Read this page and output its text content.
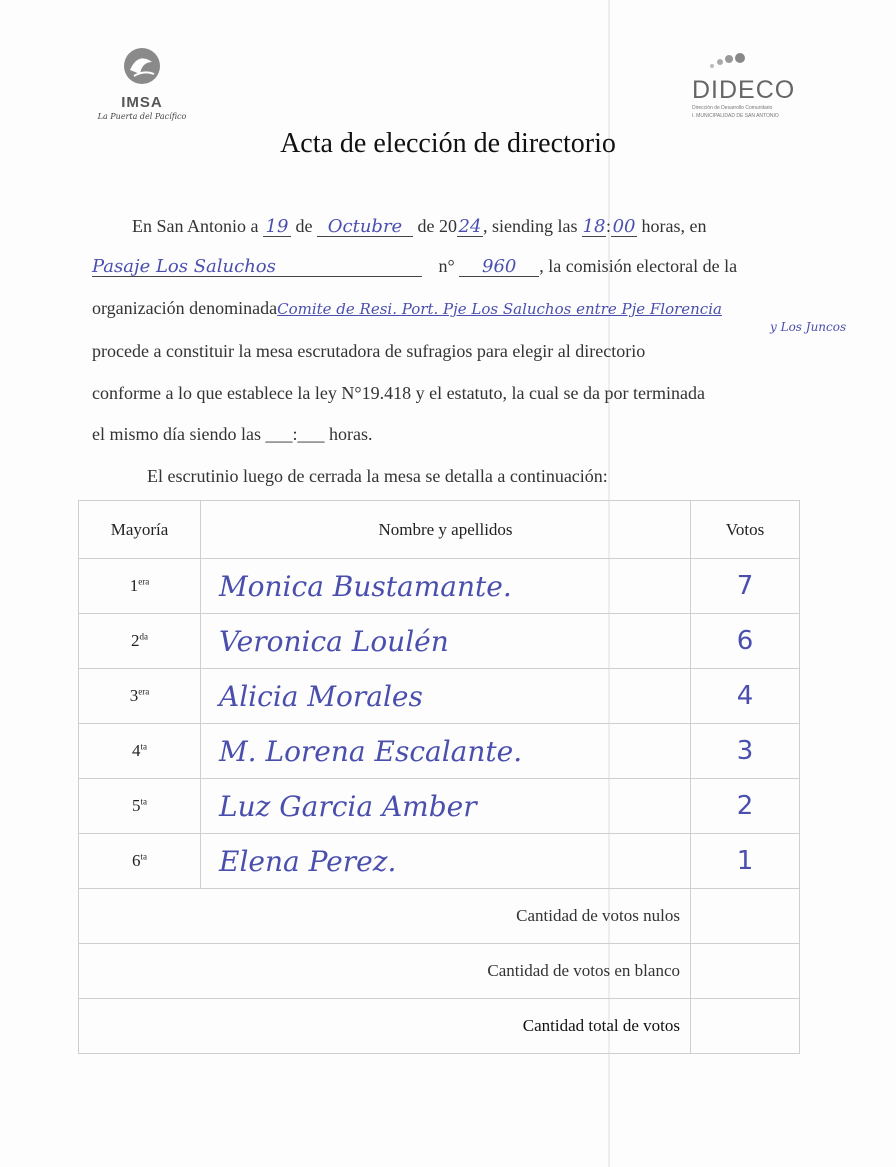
IMSA
La Puerta del Pacífico
DIDECO
Dirección de Desarrollo Comunitario
I. MUNICIPALIDAD DE SAN ANTONIO
Acta de elección de directorio
En San Antonio a 19 de Octubre de 2024, siending las 18:00 horas, en
Pasaje Los Saluchos	n° 960 , la comisión electoral de la
organización denominadaComite de Resi. Port. Pje Los Saluchos entre Pje Florencia
y Los Juncos
procede a constituir la mesa escrutadora de sufragios para elegir al directorio
conforme a lo que establece la ley N°19.418 y el estatuto, la cual se da por terminada
el mismo día siendo las ___:___ horas.
El escrutinio luego de cerrada la mesa se detalla a continuación:
Mayoría	Nombre y apellidos	Votos
$1^{era}$	Monica Bustamante.	7
$2^{da}$	Veronica Loulén	6
$3^{era}$	Alicia Morales	4
$4^{ta}$	M. Lorena Escalante.	3
$5^{ta}$	Luz Garcia Amber	2
$6^{ta}$	Elena Perez.	1
Cantidad de votos nulos		
Cantidad de votos en blanco		
Cantidad total de votos		
